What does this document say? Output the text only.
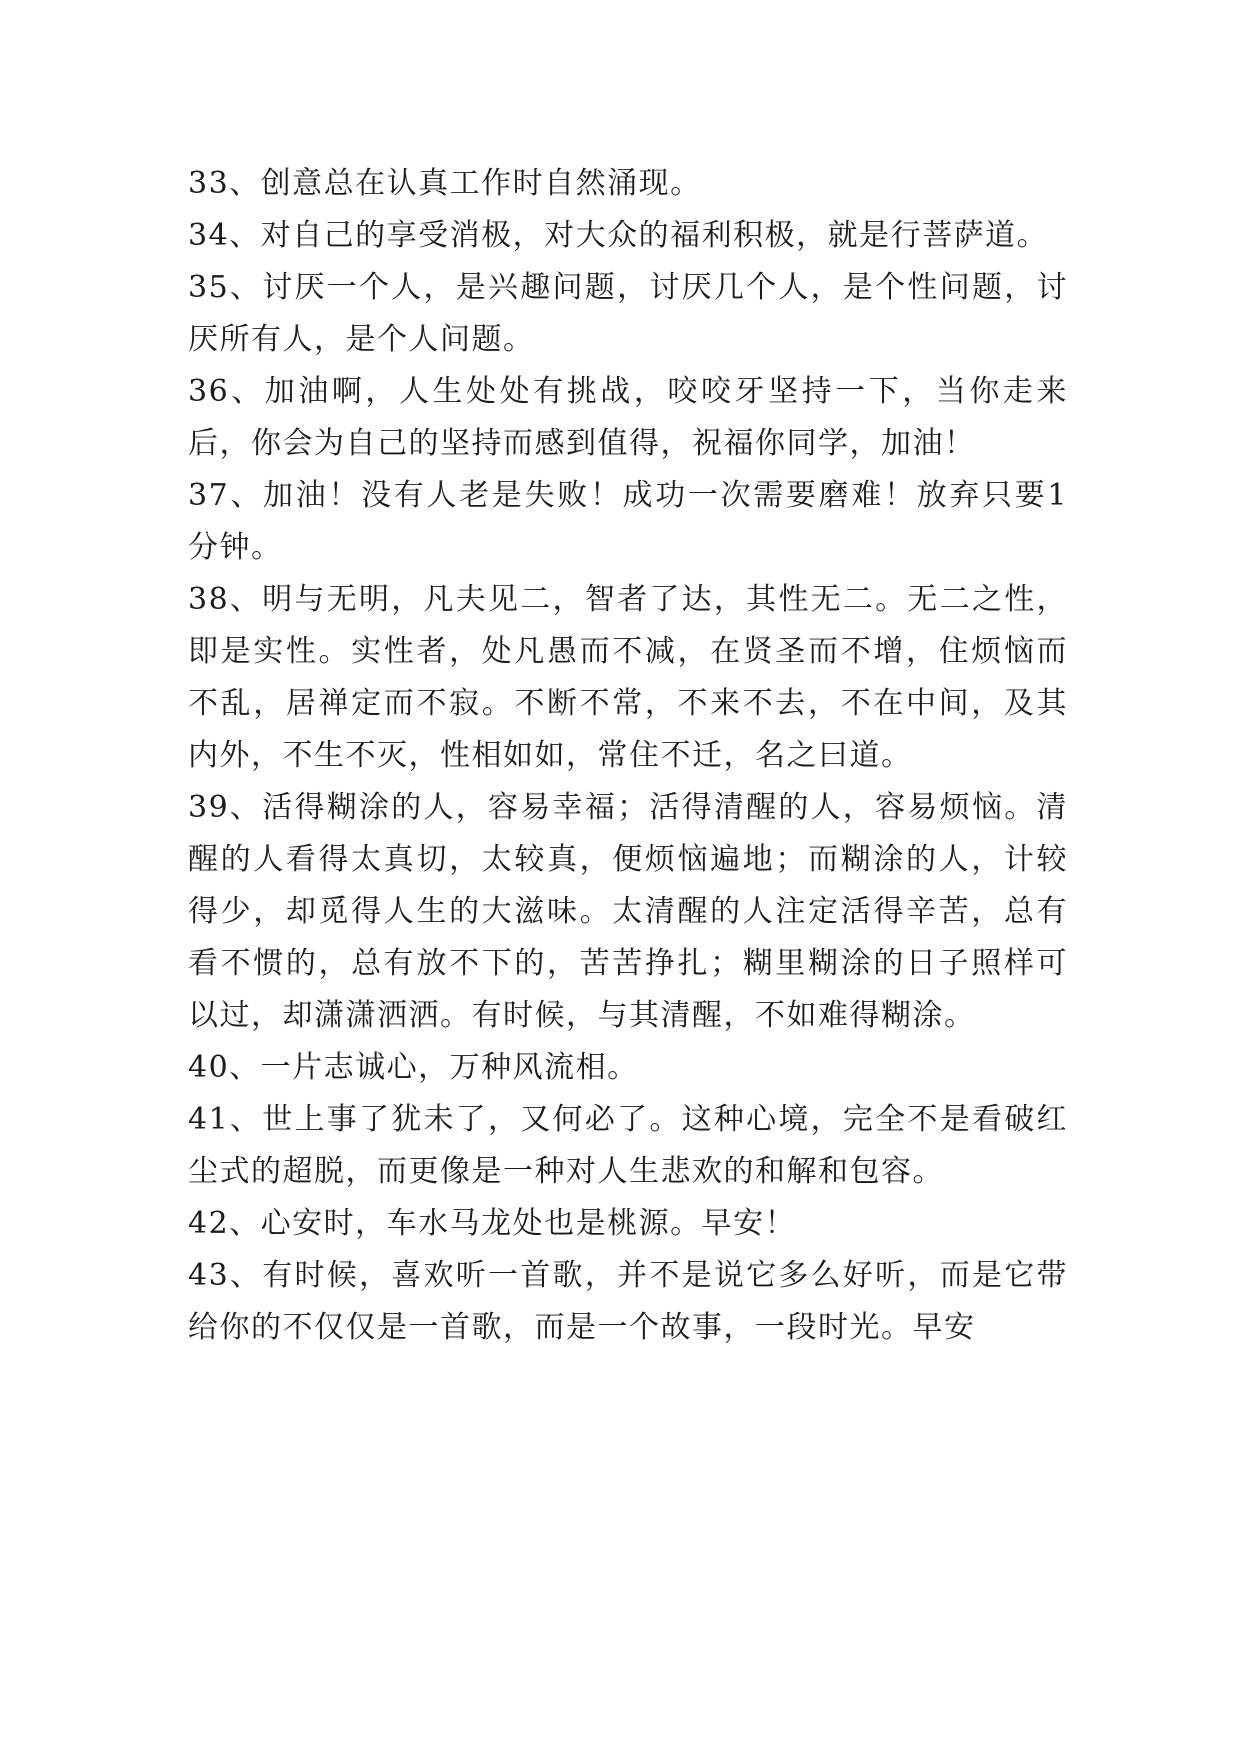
33、创意总在认真工作时自然涌现。

34、对自己的享受消极，对大众的福利积极，就是行菩萨道。

35、讨厌一个人，是兴趣问题，讨厌几个人，是个性问题，讨厌所有人，是个人问题。

36、加油啊，人生处处有挑战，咬咬牙坚持一下，当你走来后，你会为自己的坚持而感到值得，祝福你同学，加油！

37、加油！没有人老是失败！成功一次需要磨难！放弃只要1分钟。

38、明与无明，凡夫见二，智者了达，其性无二。无二之性，即是实性。实性者，处凡愚而不减，在贤圣而不增，住烦恼而不乱，居禅定而不寂。不断不常，不来不去，不在中间，及其内外，不生不灭，性相如如，常住不迁，名之曰道。

39、活得糊涂的人，容易幸福；活得清醒的人，容易烦恼。清醒的人看得太真切，太较真，便烦恼遍地；而糊涂的人，计较得少，却觅得人生的大滋味。太清醒的人注定活得辛苦，总有看不惯的，总有放不下的，苦苦挣扎；糊里糊涂的日子照样可以过，却潇潇洒洒。有时候，与其清醒，不如难得糊涂。

40、一片志诚心，万种风流相。

41、世上事了犹未了，又何必了。这种心境，完全不是看破红尘式的超脱，而更像是一种对人生悲欢的和解和包容。

42、心安时，车水马龙处也是桃源。早安！

43、有时候，喜欢听一首歌，并不是说它多么好听，而是它带给你的不仅仅是一首歌，而是一个故事，一段时光。早安
